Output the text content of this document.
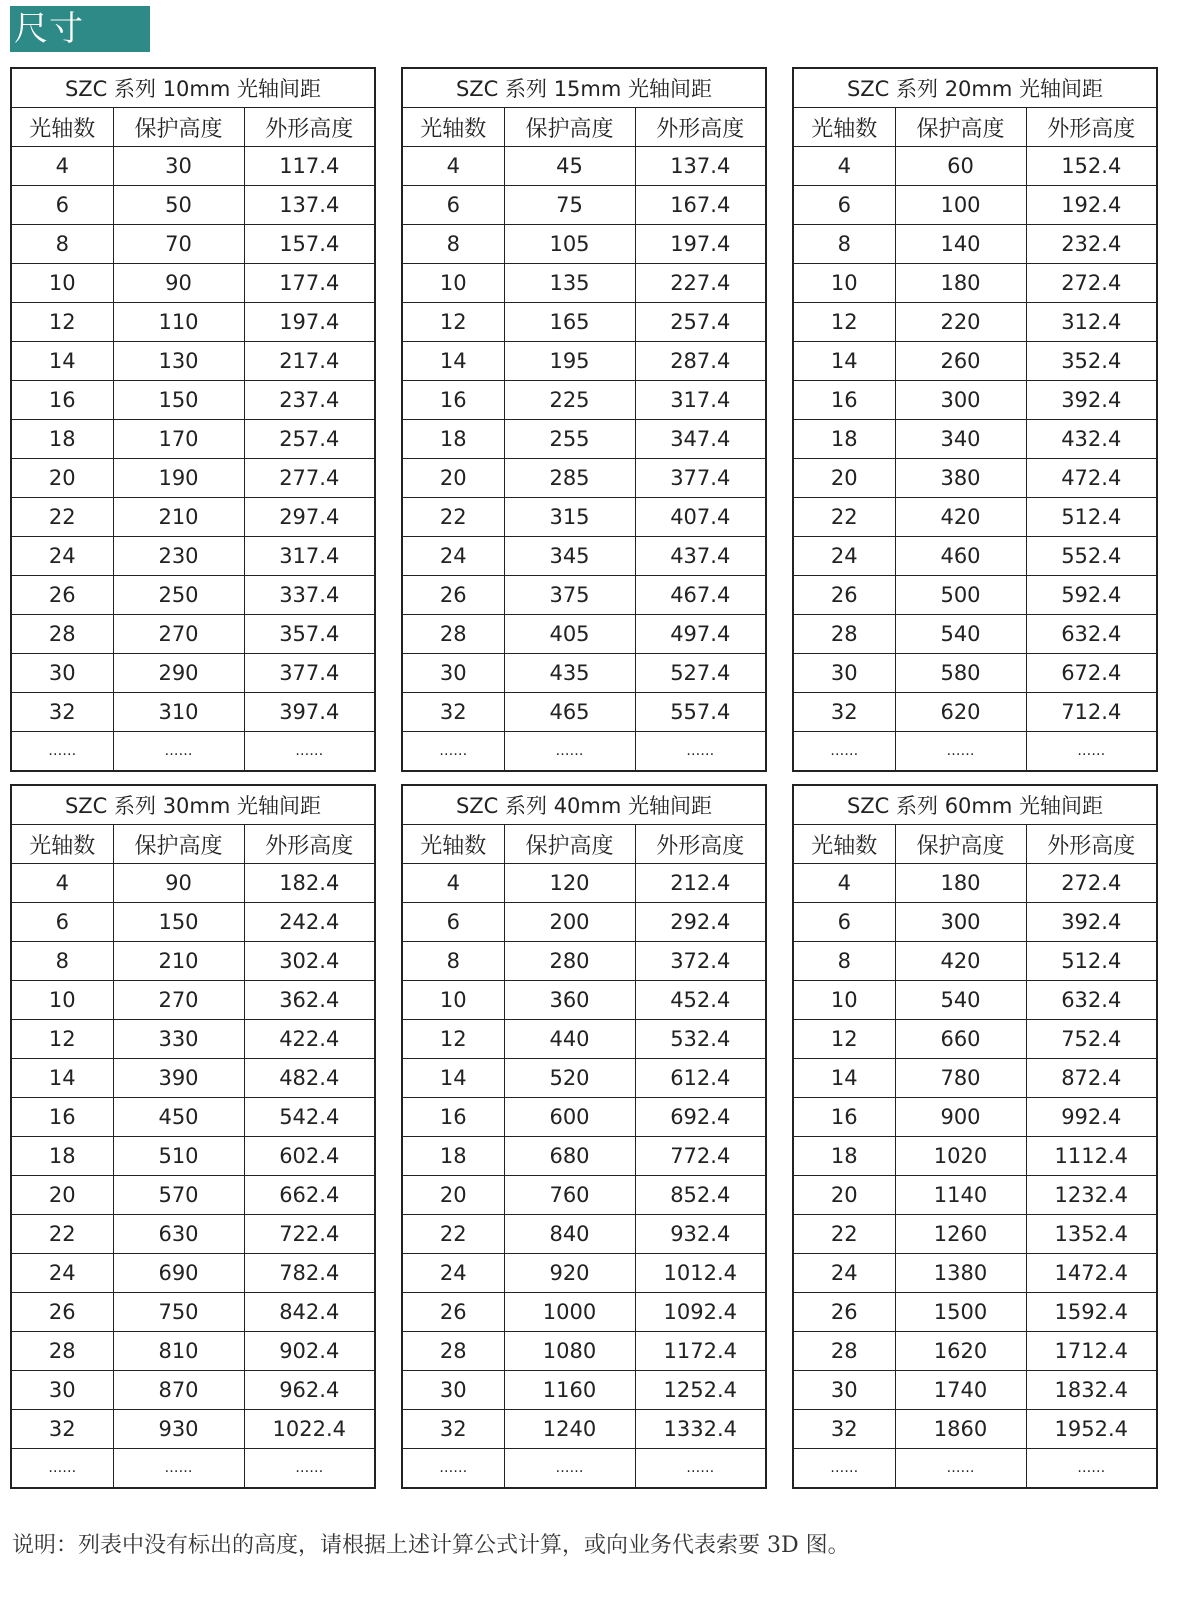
尺寸表：
SZC 系列 10mm 光轴间距		
光轴数	保护高度	外形高度
4	30	117.4
6	50	137.4
8	70	157.4
10	90	177.4
12	110	197.4
14	130	217.4
16	150	237.4
18	170	257.4
20	190	277.4
22	210	297.4
24	230	317.4
26	250	337.4
28	270	357.4
30	290	377.4
32	310	397.4
……	……	……
SZC 系列 15mm 光轴间距		
光轴数	保护高度	外形高度
4	45	137.4
6	75	167.4
8	105	197.4
10	135	227.4
12	165	257.4
14	195	287.4
16	225	317.4
18	255	347.4
20	285	377.4
22	315	407.4
24	345	437.4
26	375	467.4
28	405	497.4
30	435	527.4
32	465	557.4
……	……	……
SZC 系列 20mm 光轴间距		
光轴数	保护高度	外形高度
4	60	152.4
6	100	192.4
8	140	232.4
10	180	272.4
12	220	312.4
14	260	352.4
16	300	392.4
18	340	432.4
20	380	472.4
22	420	512.4
24	460	552.4
26	500	592.4
28	540	632.4
30	580	672.4
32	620	712.4
……	……	……
SZC 系列 30mm 光轴间距		
光轴数	保护高度	外形高度
4	90	182.4
6	150	242.4
8	210	302.4
10	270	362.4
12	330	422.4
14	390	482.4
16	450	542.4
18	510	602.4
20	570	662.4
22	630	722.4
24	690	782.4
26	750	842.4
28	810	902.4
30	870	962.4
32	930	1022.4
……	……	……
SZC 系列 40mm 光轴间距		
光轴数	保护高度	外形高度
4	120	212.4
6	200	292.4
8	280	372.4
10	360	452.4
12	440	532.4
14	520	612.4
16	600	692.4
18	680	772.4
20	760	852.4
22	840	932.4
24	920	1012.4
26	1000	1092.4
28	1080	1172.4
30	1160	1252.4
32	1240	1332.4
……	……	……
SZC 系列 60mm 光轴间距		
光轴数	保护高度	外形高度
4	180	272.4
6	300	392.4
8	420	512.4
10	540	632.4
12	660	752.4
14	780	872.4
16	900	992.4
18	1020	1112.4
20	1140	1232.4
22	1260	1352.4
24	1380	1472.4
26	1500	1592.4
28	1620	1712.4
30	1740	1832.4
32	1860	1952.4
……	……	……
说明：列表中没有标出的高度，请根据上述计算公式计算，或向业务代表索要 3D 图。
